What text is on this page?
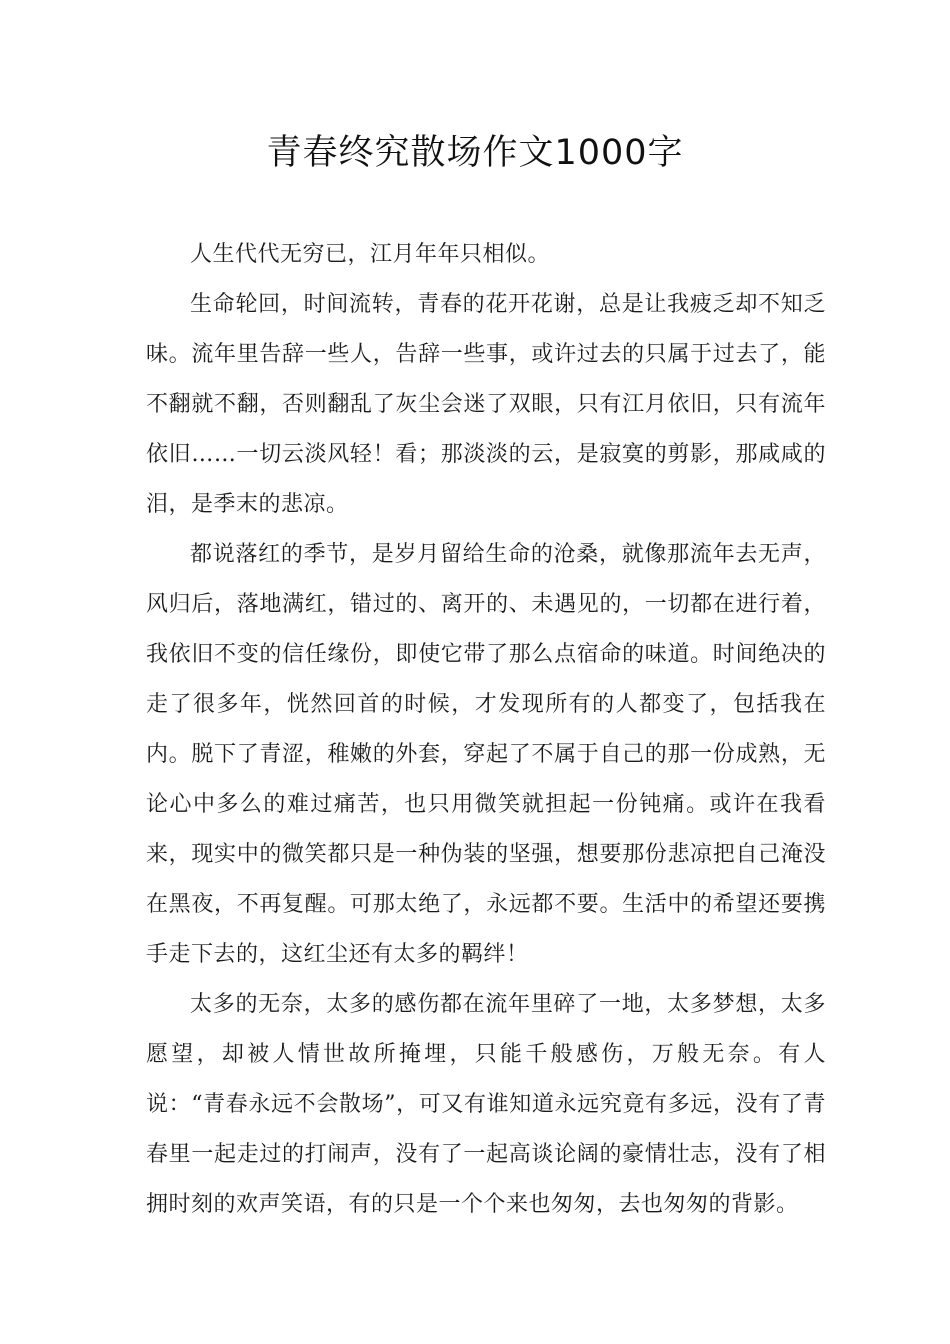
青春终究散场作文1000字

人生代代无穷已，江月年年只相似。

生命轮回，时间流转，青春的花开花谢，总是让我疲乏却不知乏味。流年里告辞一些人，告辞一些事，或许过去的只属于过去了，能不翻就不翻，否则翻乱了灰尘会迷了双眼，只有江月依旧，只有流年依旧……一切云淡风轻！看；那淡淡的云，是寂寞的剪影，那咸咸的泪，是季末的悲凉。

都说落红的季节，是岁月留给生命的沧桑，就像那流年去无声，风归后，落地满红，错过的、离开的、未遇见的，一切都在进行着，我依旧不变的信任缘份，即使它带了那么点宿命的味道。时间绝决的走了很多年，恍然回首的时候，才发现所有的人都变了，包括我在内。脱下了青涩，稚嫩的外套，穿起了不属于自己的那一份成熟，无论心中多么的难过痛苦，也只用微笑就担起一份钝痛。或许在我看来，现实中的微笑都只是一种伪装的坚强，想要那份悲凉把自己淹没在黑夜，不再复醒。可那太绝了，永远都不要。生活中的希望还要携手走下去的，这红尘还有太多的羁绊！

太多的无奈，太多的感伤都在流年里碎了一地，太多梦想，太多愿望，却被人情世故所掩埋，只能千般感伤，万般无奈。有人说：“青春永远不会散场”，可又有谁知道永远究竟有多远，没有了青春里一起走过的打闹声，没有了一起高谈论阔的豪情壮志，没有了相拥时刻的欢声笑语，有的只是一个个来也匆匆，去也匆匆的背影。
